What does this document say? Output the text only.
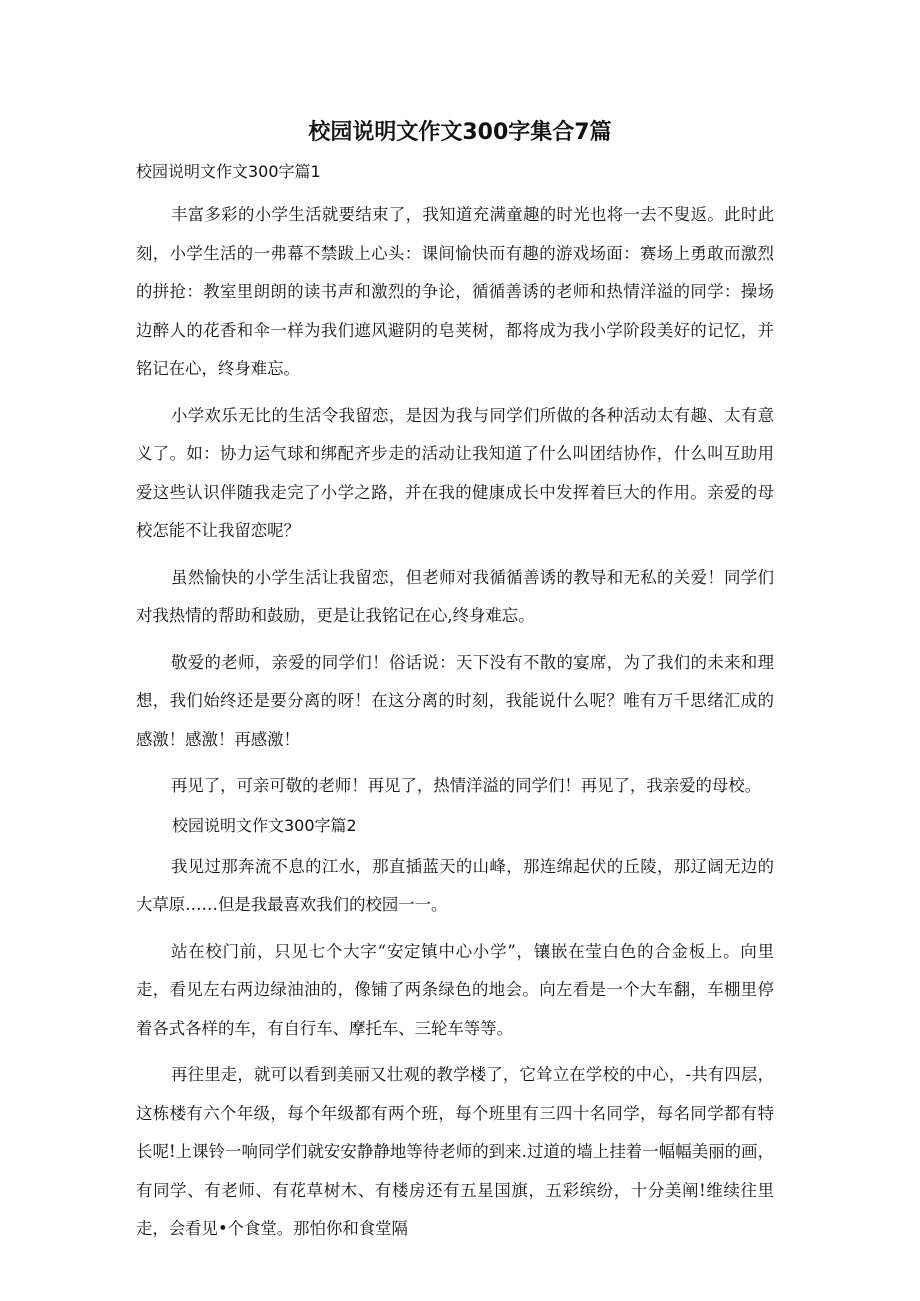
校园说明文作文300字集合7篇

校园说明文作文300字篇1

丰富多彩的小学生活就要结束了，我知道充满童趣的时光也将一去不叟返。此时此刻，小学生活的一弗幕不禁跋上心头：课间愉快而有趣的游戏场面：赛场上勇敢而激烈的拼抢：教室里朗朗的读书声和激烈的争论，循循善诱的老师和热情洋溢的同学：操场边醉人的花香和伞一样为我们遮风避阴的皂荚树，都将成为我小学阶段美好的记忆，并铭记在心，终身难忘。

小学欢乐无比的生活令我留恋，是因为我与同学们所做的各种活动太有趣、太有意义了。如：协力运气球和绑配齐步走的活动让我知道了什么叫团结协作，什么叫互助用爱这些认识伴随我走完了小学之路，并在我的健康成长中发挥着巨大的作用。亲爱的母校怎能不让我留恋呢？

虽然愉快的小学生活让我留恋，但老师对我循循善诱的教导和无私的关爱！同学们对我热情的帮助和鼓励，更是让我铭记在心,终身难忘。

敬爱的老师，亲爱的同学们！俗话说：天下没有不散的宴席，为了我们的未来和理想，我们始终还是要分离的呀！在这分离的时刻，我能说什么呢？唯有万千思绪汇成的感激！感激！再感激！

再见了，可亲可敬的老师！再见了，热情洋溢的同学们！再见了，我亲爱的母校。

校园说明文作文300字篇2

我见过那奔流不息的江水，那直插蓝天的山峰，那连绵起伏的丘陵，那辽阔无边的大草原……但是我最喜欢我们的校园一一。

站在校门前，只见七个大字“安定镇中心小学”，镶嵌在莹白色的合金板上。向里走，看见左右两边绿油油的，像铺了两条绿色的地会。向左看是一个大车翻，车棚里停着各式各样的车，有自行车、摩托车、三轮车等等。

再往里走，就可以看到美丽又壮观的教学楼了，它耸立在学校的中心，-共有四层，这栋楼有六个年级，每个年级都有两个班，每个班里有三四十名同学，每名同学都有特长呢!上课铃一响同学们就安安静静地等待老师的到来.过道的墙上挂着一幅幅美丽的画，有同学、有老师、有花草树木、有楼房还有五星国旗，五彩缤纷，十分美阐!维续往里走，会看见•个食堂。那怕你和食堂隔
